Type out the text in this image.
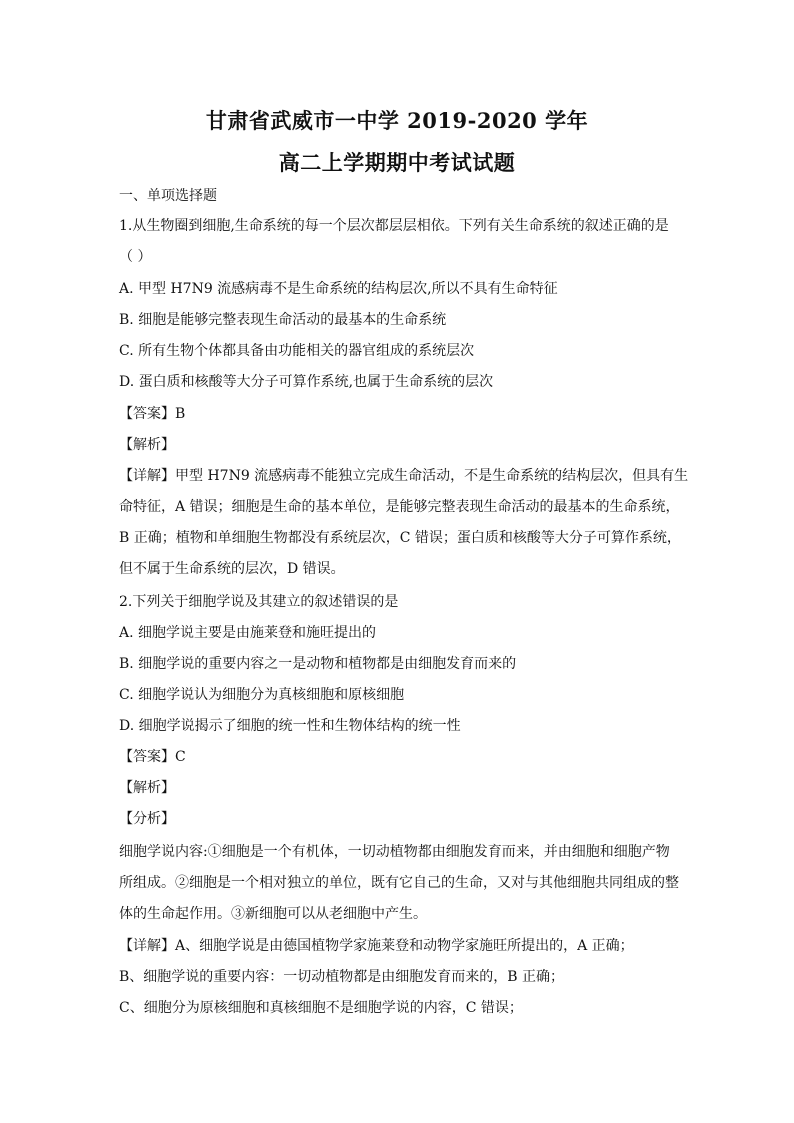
甘肃省武威市一中学 2019-2020 学年
高二上学期期中考试试题
一、单项选择题
1.从生物圈到细胞,生命系统的每一个层次都层层相依。下列有关生命系统的叙述正确的是
（ ）
A. 甲型 H7N9 流感病毒不是生命系统的结构层次,所以不具有生命特征
B. 细胞是能够完整表现生命活动的最基本的生命系统
C. 所有生物个体都具备由功能相关的器官组成的系统层次
D. 蛋白质和核酸等大分子可算作系统,也属于生命系统的层次
【答案】B
【解析】
【详解】甲型 H7N9 流感病毒不能独立完成生命活动，不是生命系统的结构层次，但具有生
命特征，A 错误；细胞是生命的基本单位，是能够完整表现生命活动的最基本的生命系统，
B 正确；植物和单细胞生物都没有系统层次，C 错误；蛋白质和核酸等大分子可算作系统，
但不属于生命系统的层次，D 错误。
2.下列关于细胞学说及其建立的叙述错误的是
A. 细胞学说主要是由施莱登和施旺提出的
B. 细胞学说的重要内容之一是动物和植物都是由细胞发育而来的
C. 细胞学说认为细胞分为真核细胞和原核细胞
D. 细胞学说揭示了细胞的统一性和生物体结构的统一性
【答案】C
【解析】
【分析】
细胞学说内容:①细胞是一个有机体，一切动植物都由细胞发育而来，并由细胞和细胞产物
所组成。②细胞是一个相对独立的单位，既有它自己的生命，又对与其他细胞共同组成的整
体的生命起作用。③新细胞可以从老细胞中产生。
【详解】A、细胞学说是由德国植物学家施莱登和动物学家施旺所提出的，A 正确；
B、细胞学说的重要内容：一切动植物都是由细胞发育而来的，B 正确；
C、细胞分为原核细胞和真核细胞不是细胞学说的内容，C 错误；
